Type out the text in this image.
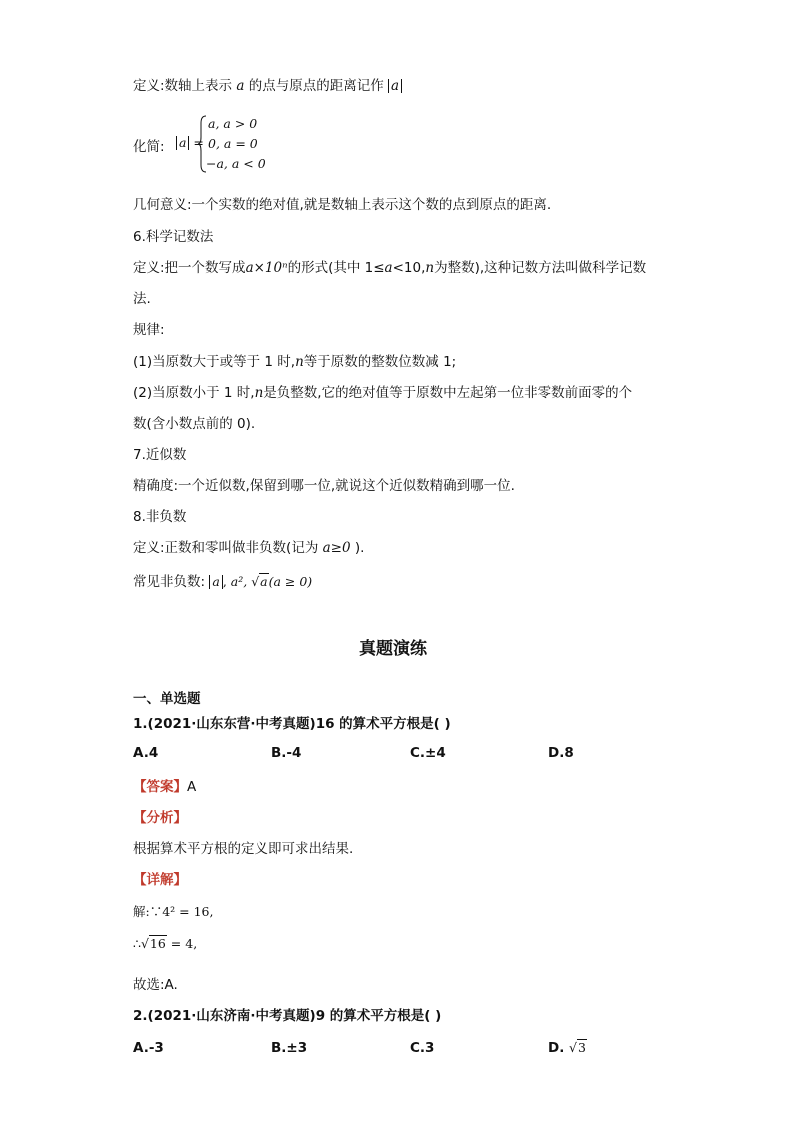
定义:数轴上表示 a 的点与原点的距离记作 a
化简: a =
a, a > 0
0, a = 0
−a, a < 0
几何意义:一个实数的绝对值,就是数轴上表示这个数的点到原点的距离.
6.科学记数法
定义:把一个数写成a×10ⁿ的形式(其中 1≤a<10,n为整数),这种记数方法叫做科学记数
法.
规律:
(1)当原数大于或等于 1 时,n等于原数的整数位数减 1;
(2)当原数小于 1 时,n是负整数,它的绝对值等于原数中左起第一位非零数前面零的个
数(含小数点前的 0).
7.近似数
精确度:一个近似数,保留到哪一位,就说这个近似数精确到哪一位.
8.非负数
定义:正数和零叫做非负数(记为 a≥0 ).
常见非负数: a , a², √a(a ≥ 0)
真题演练
一、单选题
1.(2021·山东东营·中考真题)16 的算术平方根是( )
A.4	B.-4	C.±4	D.8
【答案】A
【分析】
根据算术平方根的定义即可求出结果.
【详解】
解:∵4² = 16,
∴√16 = 4,
故选:A.
2.(2021·山东济南·中考真题)9 的算术平方根是( )
A.-3	B.±3	C.3	D. √3
